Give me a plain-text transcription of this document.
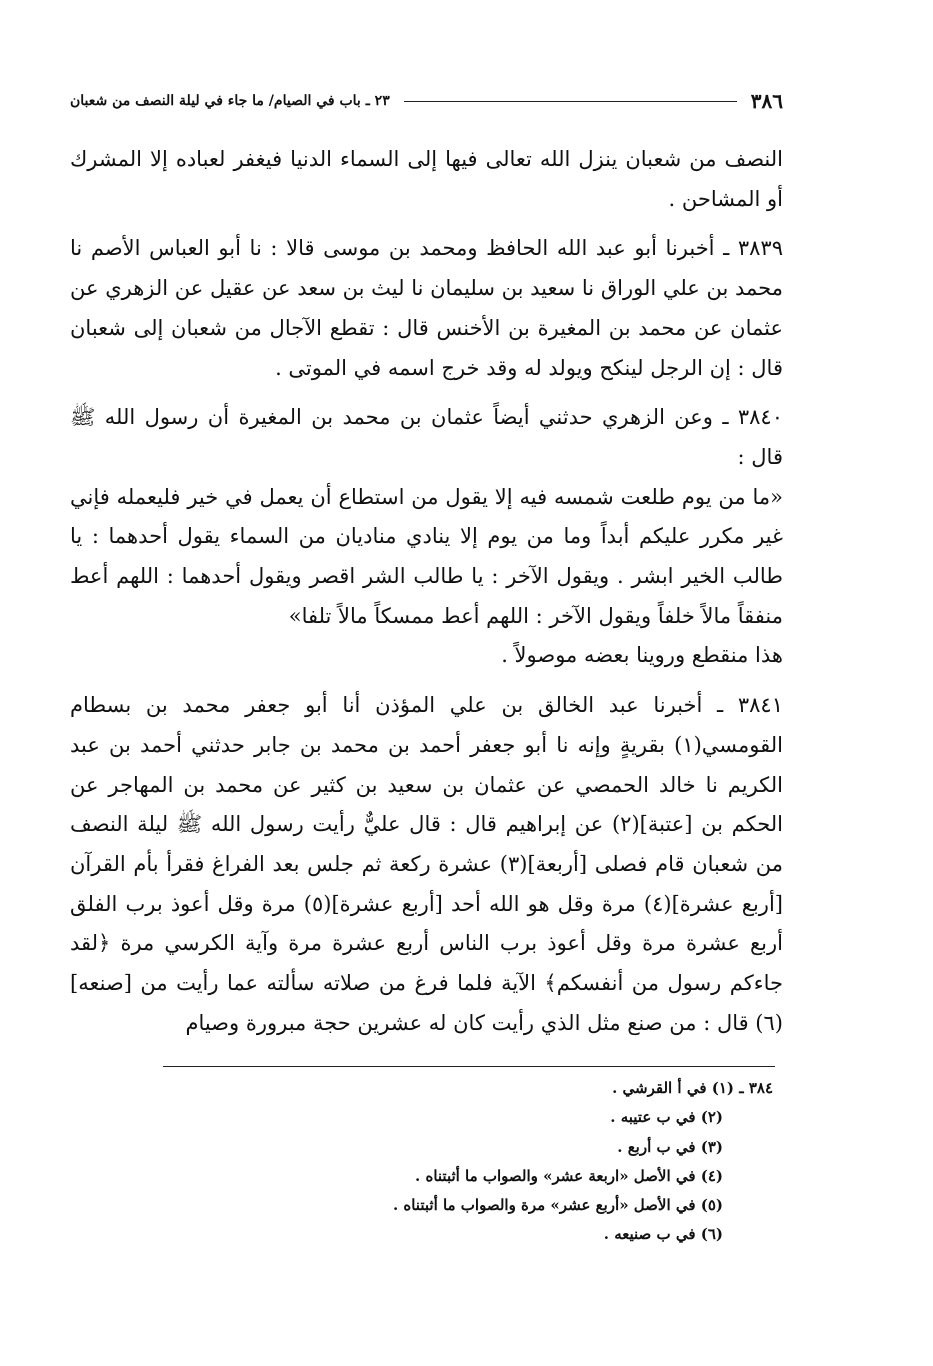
٣٨٦
٢٣ ـ باب في الصيام/ ما جاء في ليلة النصف من شعبان

النصف من شعبان ينزل الله تعالى فيها إلى السماء الدنيا فيغفر لعباده إلا المشرك أو المشاحن .

٣٨٣٩ ـ أخبرنا أبو عبد الله الحافظ ومحمد بن موسى قالا : نا أبو العباس الأصم نا محمد بن علي الوراق نا سعيد بن سليمان نا ليث بن سعد عن عقيل عن الزهري عن عثمان عن محمد بن المغيرة بن الأخنس قال : تقطع الآجال من شعبان إلى شعبان قال : إن الرجل لينكح ويولد له وقد خرج اسمه في الموتى .

٣٨٤٠ ـ وعن الزهري حدثني أيضاً عثمان بن محمد بن المغيرة أن رسول الله ﷺ قال :

«ما من يوم طلعت شمسه فيه إلا يقول من استطاع أن يعمل في خير فليعمله فإني غير مكرر عليكم أبداً وما من يوم إلا ينادي مناديان من السماء يقول أحدهما : يا طالب الخير ابشر . ويقول الآخر : يا طالب الشر اقصر ويقول أحدهما : اللهم أعط منفقاً مالاً خلفاً ويقول الآخر : اللهم أعط ممسكاً مالاً تلفا»

هذا منقطع وروينا بعضه موصولاً .

٣٨٤١ ـ أخبرنا عبد الخالق بن علي المؤذن أنا أبو جعفر محمد بن بسطام القومسي(١) بقريةٍ وإنه نا أبو جعفر أحمد بن محمد بن جابر حدثني أحمد بن عبد الكريم نا خالد الحمصي عن عثمان بن سعيد بن كثير عن محمد بن المهاجر عن الحكم بن [عتبة](٢) عن إبراهيم قال : قال عليٌّ رأيت رسول الله ﷺ ليلة النصف من شعبان قام فصلى [أربعة](٣) عشرة ركعة ثم جلس بعد الفراغ فقرأ بأم القرآن [أربع عشرة](٤) مرة وقل هو الله أحد [أربع عشرة](٥) مرة وقل أعوذ برب الفلق أربع عشرة مرة وقل أعوذ برب الناس أربع عشرة مرة وآية الكرسي مرة ﴿لقد جاءكم رسول من أنفسكم﴾ الآية فلما فرغ من صلاته سألته عما رأيت من [صنعه](٦) قال : من صنع مثل الذي رأيت كان له عشرين حجة مبرورة وصيام

٣٨٤ ـ (١) في أ القرشي .

(٢) في ب عتيبه .

(٣) في ب أربع .

(٤) في الأصل «اربعة عشر» والصواب ما أثبتناه .

(٥) في الأصل «أربع عشر» مرة والصواب ما أثبتناه .

(٦) في ب صنيعه .
